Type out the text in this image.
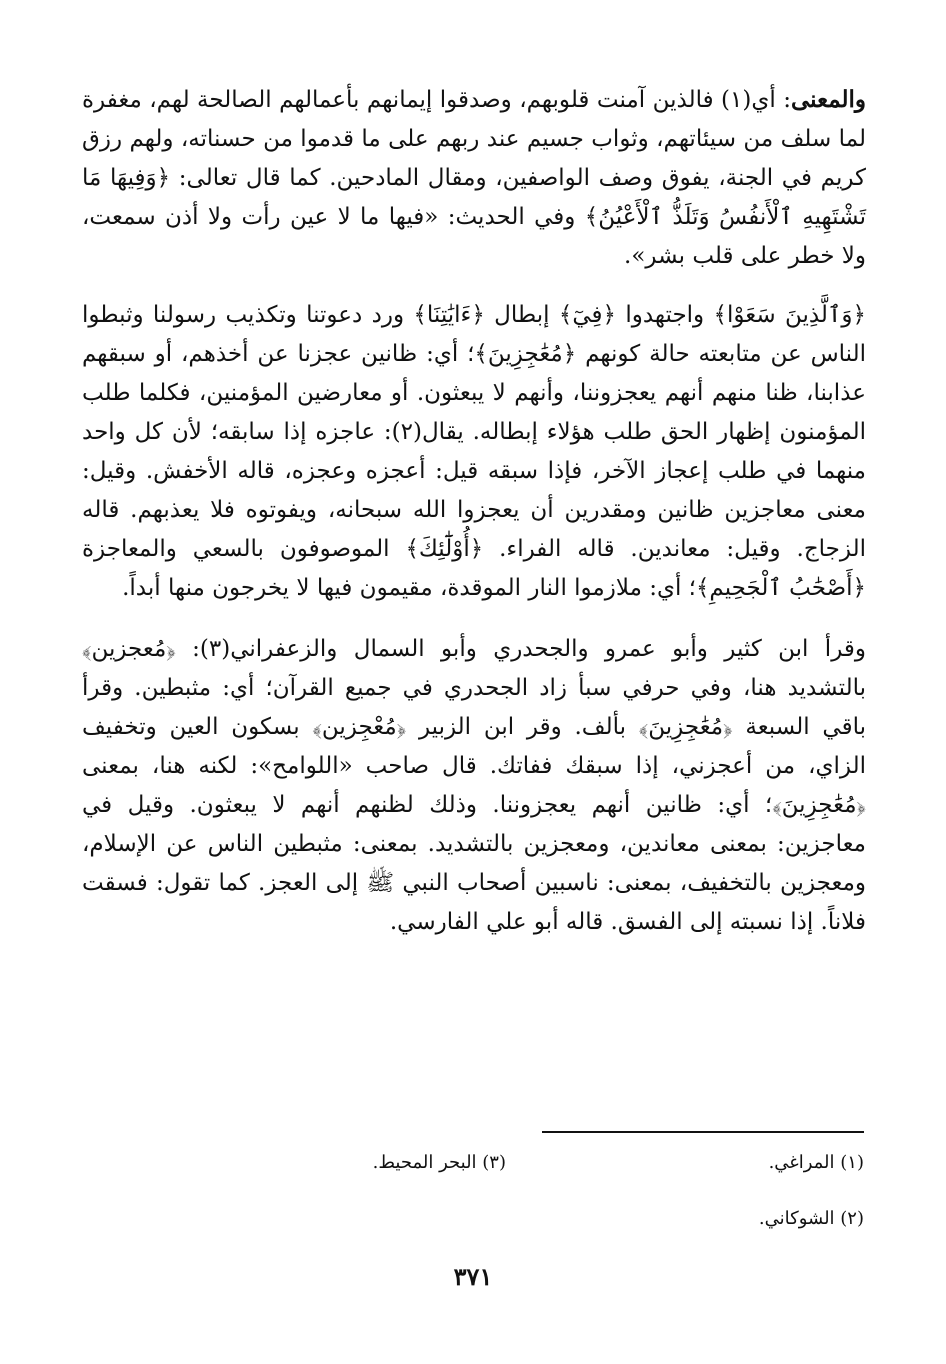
والمعنى: أي(١) فالذين آمنت قلوبهم، وصدقوا إيمانهم بأعمالهم الصالحة لهم، مغفرة لما سلف من سيئاتهم، وثواب جسيم عند ربهم على ما قدموا من حسناته، ولهم رزق كريم في الجنة، يفوق وصف الواصفين، ومقال المادحين. كما قال تعالى: ﴿وَفِيهَا مَا تَشْتَهِيهِ ٱلْأَنفُسُ وَتَلَذُّ ٱلْأَعْيُنُ﴾ وفي الحديث: «فيها ما لا عين رأت ولا أذن سمعت، ولا خطر على قلب بشر».

﴿وَٱلَّذِينَ سَعَوْا﴾ واجتهدوا ﴿فِيٓ﴾ إبطال ﴿ءَايَٰتِنَا﴾ ورد دعوتنا وتكذيب رسولنا وثبطوا الناس عن متابعته حالة كونهم ﴿مُعَٰجِزِينَ﴾؛ أي: ظانين عجزنا عن أخذهم، أو سبقهم عذابنا، ظنا منهم أنهم يعجزوننا، وأنهم لا يبعثون. أو معارضين المؤمنين، فكلما طلب المؤمنون إظهار الحق طلب هؤلاء إبطاله. يقال(٢): عاجزه إذا سابقه؛ لأن كل واحد منهما في طلب إعجاز الآخر، فإذا سبقه قيل: أعجزه وعجزه، قاله الأخفش. وقيل: معنى معاجزين ظانين ومقدرين أن يعجزوا الله سبحانه، ويفوتوه فلا يعذبهم. قاله الزجاج. وقيل: معاندين. قاله الفراء. ﴿أُوْلَٰٓئِكَ﴾ الموصوفون بالسعي والمعاجزة ﴿أَصْحَٰبُ ٱلْجَحِيمِ﴾؛ أي: ملازموا النار الموقدة، مقيمون فيها لا يخرجون منها أبداً.

وقرأ ابن كثير وأبو عمرو والجحدري وأبو السمال والزعفراني(٣): ﴿مُعجزين﴾ بالتشديد هنا، وفي حرفي سبأ زاد الجحدري في جميع القرآن؛ أي: مثبطين. وقرأ باقي السبعة ﴿مُعَٰجِزِينَ﴾ بألف. وقر ابن الزبير ﴿مُعْجِزين﴾ بسكون العين وتخفيف الزاي، من أعجزني، إذا سبقك ففاتك. قال صاحب «اللوامح»: لكنه هنا، بمعنى ﴿مُعَٰجِزِينَ﴾؛ أي: ظانين أنهم يعجزوننا. وذلك لظنهم أنهم لا يبعثون. وقيل في معاجزين: بمعنى معاندين، ومعجزين بالتشديد. بمعنى: مثبطين الناس عن الإسلام، ومعجزين بالتخفيف، بمعنى: ناسبين أصحاب النبي ﷺ إلى العجز. كما تقول: فسقت فلاناً. إذا نسبته إلى الفسق. قاله أبو علي الفارسي.

(١) المراغي.
(٣) البحر المحيط.
(٢) الشوكاني.
٣٧١
